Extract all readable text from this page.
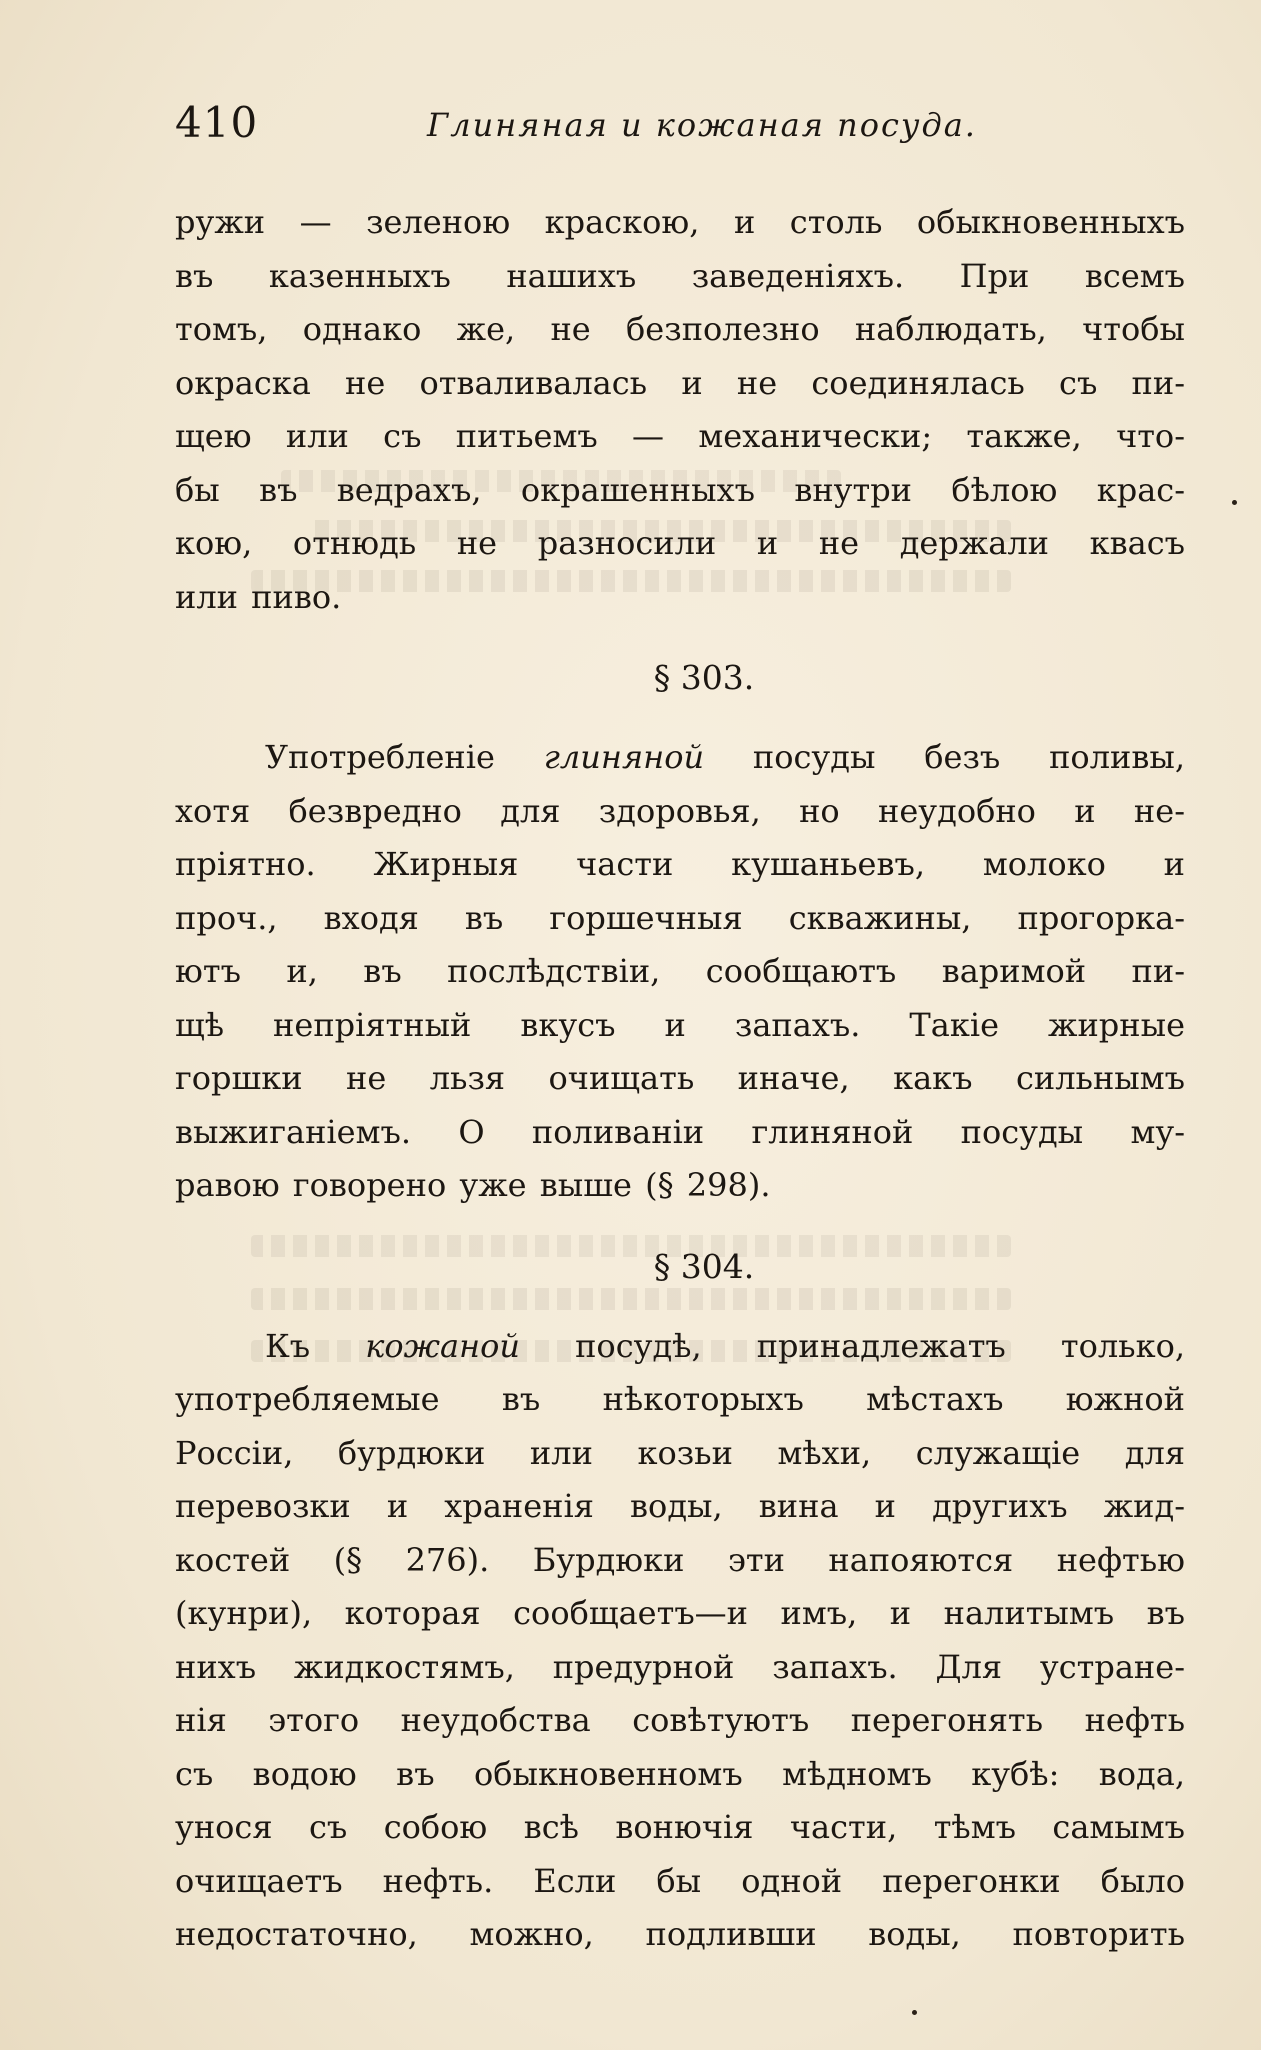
410	Глиняная и кожаная посуда.

ружи — зеленою краскою, и столь обыкновенныхъ
въ казенныхъ нашихъ заведеніяхъ. При всемъ
томъ, однако же, не безполезно наблюдать, чтобы
окраска не отваливалась и не соединялась съ пи-
щею или съ питьемъ — механически; также, что-
бы въ ведрахъ, окрашенныхъ внутри бѣлою крас-
кою, отнюдь не разносили и не держали квасъ
или пиво.

§ 303.

Употребленіе глиняной посуды безъ поливы,
хотя безвредно для здоровья, но неудобно и не-
пріятно. Жирныя части кушаньевъ, молоко и
проч., входя въ горшечныя скважины, прогорка-
ютъ и, въ послѣдствіи, сообщаютъ варимой пи-
щѣ непріятный вкусъ и запахъ. Такіе жирные
горшки не льзя очищать иначе, какъ сильнымъ
выжиганіемъ. О поливаніи глиняной посуды му-
равою говорено уже выше (§ 298).

§ 304.

Къ кожаной посудѣ, принадлежатъ только,
употребляемые въ нѣкоторыхъ мѣстахъ южной
Россіи, бурдюки или козьи мѣхи, служащіе для
перевозки и храненія воды, вина и другихъ жид-
костей (§ 276). Бурдюки эти напояются нефтью
(кунри), которая сообщаетъ—и имъ, и налитымъ въ
нихъ жидкостямъ, предурной запахъ. Для устране-
нія этого неудобства совѣтуютъ перегонять нефть
съ водою въ обыкновенномъ мѣдномъ кубѣ: вода,
унося съ собою всѣ вонючія части, тѣмъ самымъ
очищаетъ нефть. Если бы одной перегонки было
недостаточно, можно, подливши воды, повторить
